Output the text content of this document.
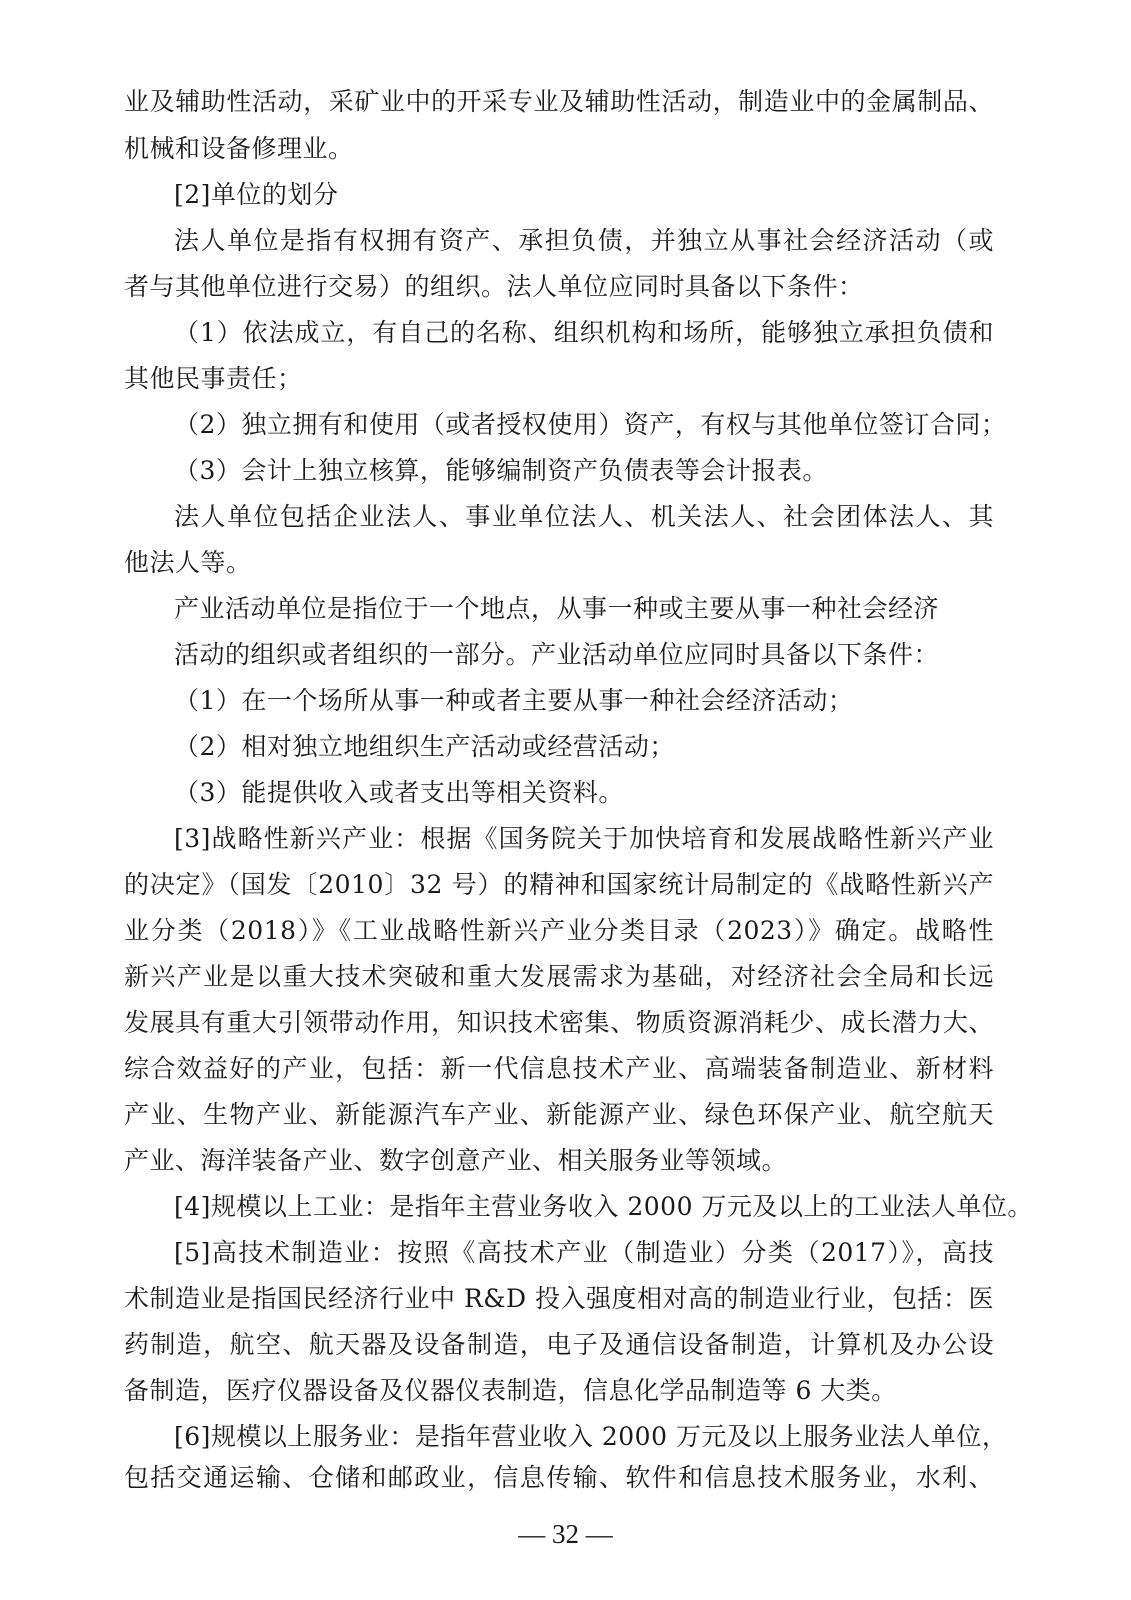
业及辅助性活动，采矿业中的开采专业及辅助性活动，制造业中的金属制品、
机械和设备修理业。
[2]单位的划分
法人单位是指有权拥有资产、承担负债，并独立从事社会经济活动（或
者与其他单位进行交易）的组织。法人单位应同时具备以下条件：
（1）依法成立，有自己的名称、组织机构和场所，能够独立承担负债和
其他民事责任；
（2）独立拥有和使用（或者授权使用）资产，有权与其他单位签订合同；
（3）会计上独立核算，能够编制资产负债表等会计报表。
法人单位包括企业法人、事业单位法人、机关法人、社会团体法人、其
他法人等。
产业活动单位是指位于一个地点，从事一种或主要从事一种社会经济
活动的组织或者组织的一部分。产业活动单位应同时具备以下条件：
（1）在一个场所从事一种或者主要从事一种社会经济活动；
（2）相对独立地组织生产活动或经营活动；
（3）能提供收入或者支出等相关资料。
[3]战略性新兴产业：根据《国务院关于加快培育和发展战略性新兴产业
的决定》（国发〔2010〕32 号）的精神和国家统计局制定的《战略性新兴产
业分类（2018）》《工业战略性新兴产业分类目录（2023）》确定。战略性
新兴产业是以重大技术突破和重大发展需求为基础，对经济社会全局和长远
发展具有重大引领带动作用，知识技术密集、物质资源消耗少、成长潜力大、
综合效益好的产业，包括：新一代信息技术产业、高端装备制造业、新材料
产业、生物产业、新能源汽车产业、新能源产业、绿色环保产业、航空航天
产业、海洋装备产业、数字创意产业、相关服务业等领域。
[4]规模以上工业：是指年主营业务收入 2000 万元及以上的工业法人单位。
[5]高技术制造业：按照《高技术产业（制造业）分类（2017）》，高技
术制造业是指国民经济行业中 R&D 投入强度相对高的制造业行业，包括：医
药制造，航空、航天器及设备制造，电子及通信设备制造，计算机及办公设
备制造，医疗仪器设备及仪器仪表制造，信息化学品制造等 6 大类。
[6]规模以上服务业：是指年营业收入 2000 万元及以上服务业法人单位，
包括交通运输、仓储和邮政业，信息传输、软件和信息技术服务业，水利、
— 32 —
